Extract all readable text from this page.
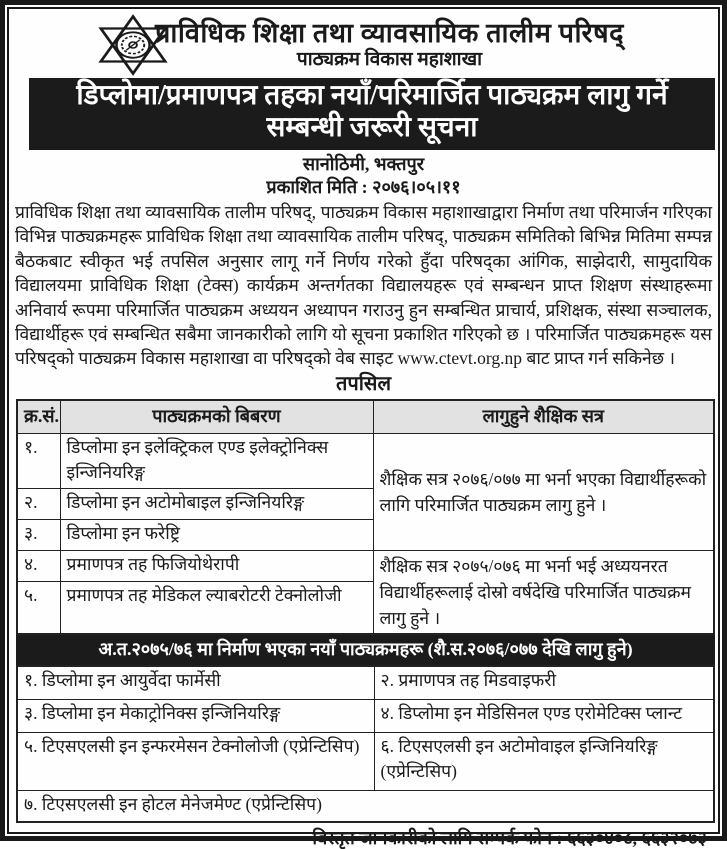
प्राविधिक शिक्षा तथा व्यावसायिक तालीम परिषद्
पाठ्यक्रम विकास महाशाखा
डिप्लोमा/प्रमाणपत्र तहका नयाँ/परिमार्जित पाठ्यक्रम लागु गर्ने
सम्बन्धी जरूरी सूचना
सानोठिमी, भक्तपुर
प्रकाशित मिति : २०७६।०५।११
प्राविधिक शिक्षा तथा व्यावसायिक तालीम परिषद्, पाठ्यक्रम विकास महाशाखाद्वारा निर्माण तथा परिमार्जन गरिएका विभिन्न पाठ्यक्रमहरू प्राविधिक शिक्षा तथा व्यावसायिक तालीम परिषद्, पाठ्यक्रम समितिको बिभिन्न मितिमा सम्पन्न बैठकबाट स्वीकृत भई तपसिल अनुसार लागू गर्ने निर्णय गरेको हुँदा परिषद्का आंगिक, साझेदारी, सामुदायिक विद्यालयमा प्राविधिक शिक्षा (टेक्स) कार्यक्रम अन्तर्गतका विद्यालयहरू एवं सम्बन्धन प्राप्त शिक्षण संस्थाहरूमा अनिवार्य रूपमा परिमार्जित पाठ्यक्रम अध्ययन अध्यापन गराउनु हुन सम्बन्धित प्राचार्य, प्रशिक्षक, संस्था सञ्चालक, विद्यार्थीहरू एवं सम्बन्धित सबैमा जानकारीको लागि यो सूचना प्रकाशित गरिएको छ । परिमार्जित पाठ्यक्रमहरू यस परिषद्को पाठ्यक्रम विकास महाशाखा वा परिषद्को वेब साइट www.ctevt.org.np बाट प्राप्त गर्न सकिनेछ ।
तपसिल
क्र.सं.	पाठ्यक्रमको बिबरण	लागुहुने शैक्षिक सत्र
१.	डिप्लोमा इन इलेक्ट्रिकल एण्ड इलेक्ट्रोनिक्स इन्जिनियरिङ्ग	शैक्षिक सत्र २०७६/०७७ मा भर्ना भएका विद्यार्थीहरूको लागि परिमार्जित पाठ्यक्रम लागु हुने ।
२.	डिप्लोमा इन अटोमोबाइल इन्जिनियरिङ्ग	
३.	डिप्लोमा इन फरेष्ट्रि	
४.	प्रमाणपत्र तह फिजियोथेरापी	शैक्षिक सत्र २०७५/०७६ मा भर्ना भई अध्ययनरत विद्यार्थीहरूलाई दोस्रो वर्षदेखि परिमार्जित पाठ्यक्रम लागु हुने ।
५.	प्रमाणपत्र तह मेडिकल ल्याबरोटरी टेक्नोलोजी	
अ.त.२०७५/७६ मा निर्माण भएका नयाँ पाठ्यक्रमहरू (शै.स.२०७६/०७७ देखि लागु हुने)
१. डिप्लोमा इन आयुर्वेदा फार्मेसी	२. प्रमाणपत्र तह मिडवाइफरी
३. डिप्लोमा इन मेकाट्रोनिक्स इन्जिनियरिङ्ग	४. डिप्लोमा इन मेडिसिनल एण्ड एरोमेटिक्स प्लान्ट
५. टिएसएलसी इन इन्फरमेसन टेक्नोलोजी (एप्रेन्टिसिप)	६. टिएसएलसी इन अटोमोवाइल इन्जिनियरिङ्ग (एप्रेन्टिसिप)
७. टिएसएलसी इन होटल मेनेजमेण्ट (एप्रेन्टिसिप)	
बिस्तृत जानकारीको लागि सम्पर्क फोन : ६६३०४०८, ६६३२०७३
